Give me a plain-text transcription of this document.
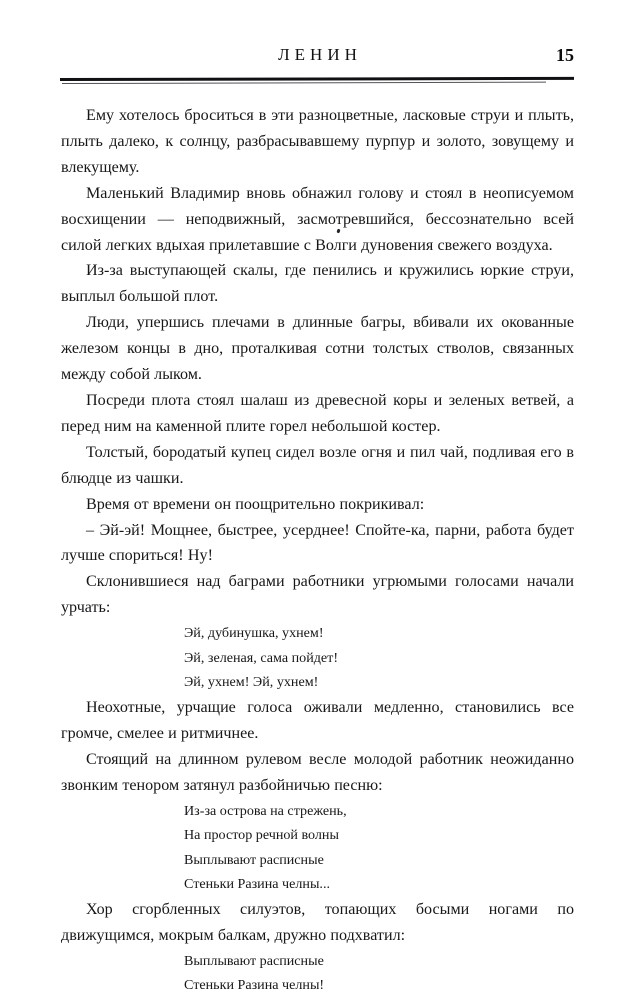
ЛЕНИН	15

Ему хотелось броситься в эти разноцветные, ласковые струи и плыть, плыть далеко, к солнцу, разбрасывавшему пурпур и золото, зовущему и влекущему.

Маленький Владимир вновь обнажил голову и стоял в неописуемом восхищении — неподвижный, засмотревшийся, бессознательно всей силой легких вдыхая прилетавшие с Волги дуновения свежего воздуха.

Из-за выступающей скалы, где пенились и кружились юркие струи, выплыл большой плот.

Люди, упершись плечами в длинные багры, вбивали их окованные железом концы в дно, проталкивая сотни толстых стволов, связанных между собой лыком.

Посреди плота стоял шалаш из древесной коры и зеленых ветвей, а перед ним на каменной плите горел небольшой костер.

Толстый, бородатый купец сидел возле огня и пил чай, подливая его в блюдце из чашки.

Время от времени он поощрительно покрикивал:

– Эй-эй! Мощнее, быстрее, усерднее! Спойте-ка, парни, работа будет лучше спориться! Ну!

Склонившиеся над баграми работники угрюмыми голосами начали урчать:

Эй, дубинушка, ухнем!
Эй, зеленая, сама пойдет!
Эй, ухнем! Эй, ухнем!

Неохотные, урчащие голоса оживали медленно, становились все громче, смелее и ритмичнее.

Стоящий на длинном рулевом весле молодой работник неожиданно звонким тенором затянул разбойничью песню:

Из-за острова на стрежень,
На простор речной волны
Выплывают расписные
Стеньки Разина челны...

Хор сгорбленных силуэтов, топающих босыми ногами по движущимся, мокрым балкам, дружно подхватил:

Выплывают расписные
Стеньки Разина челны!
